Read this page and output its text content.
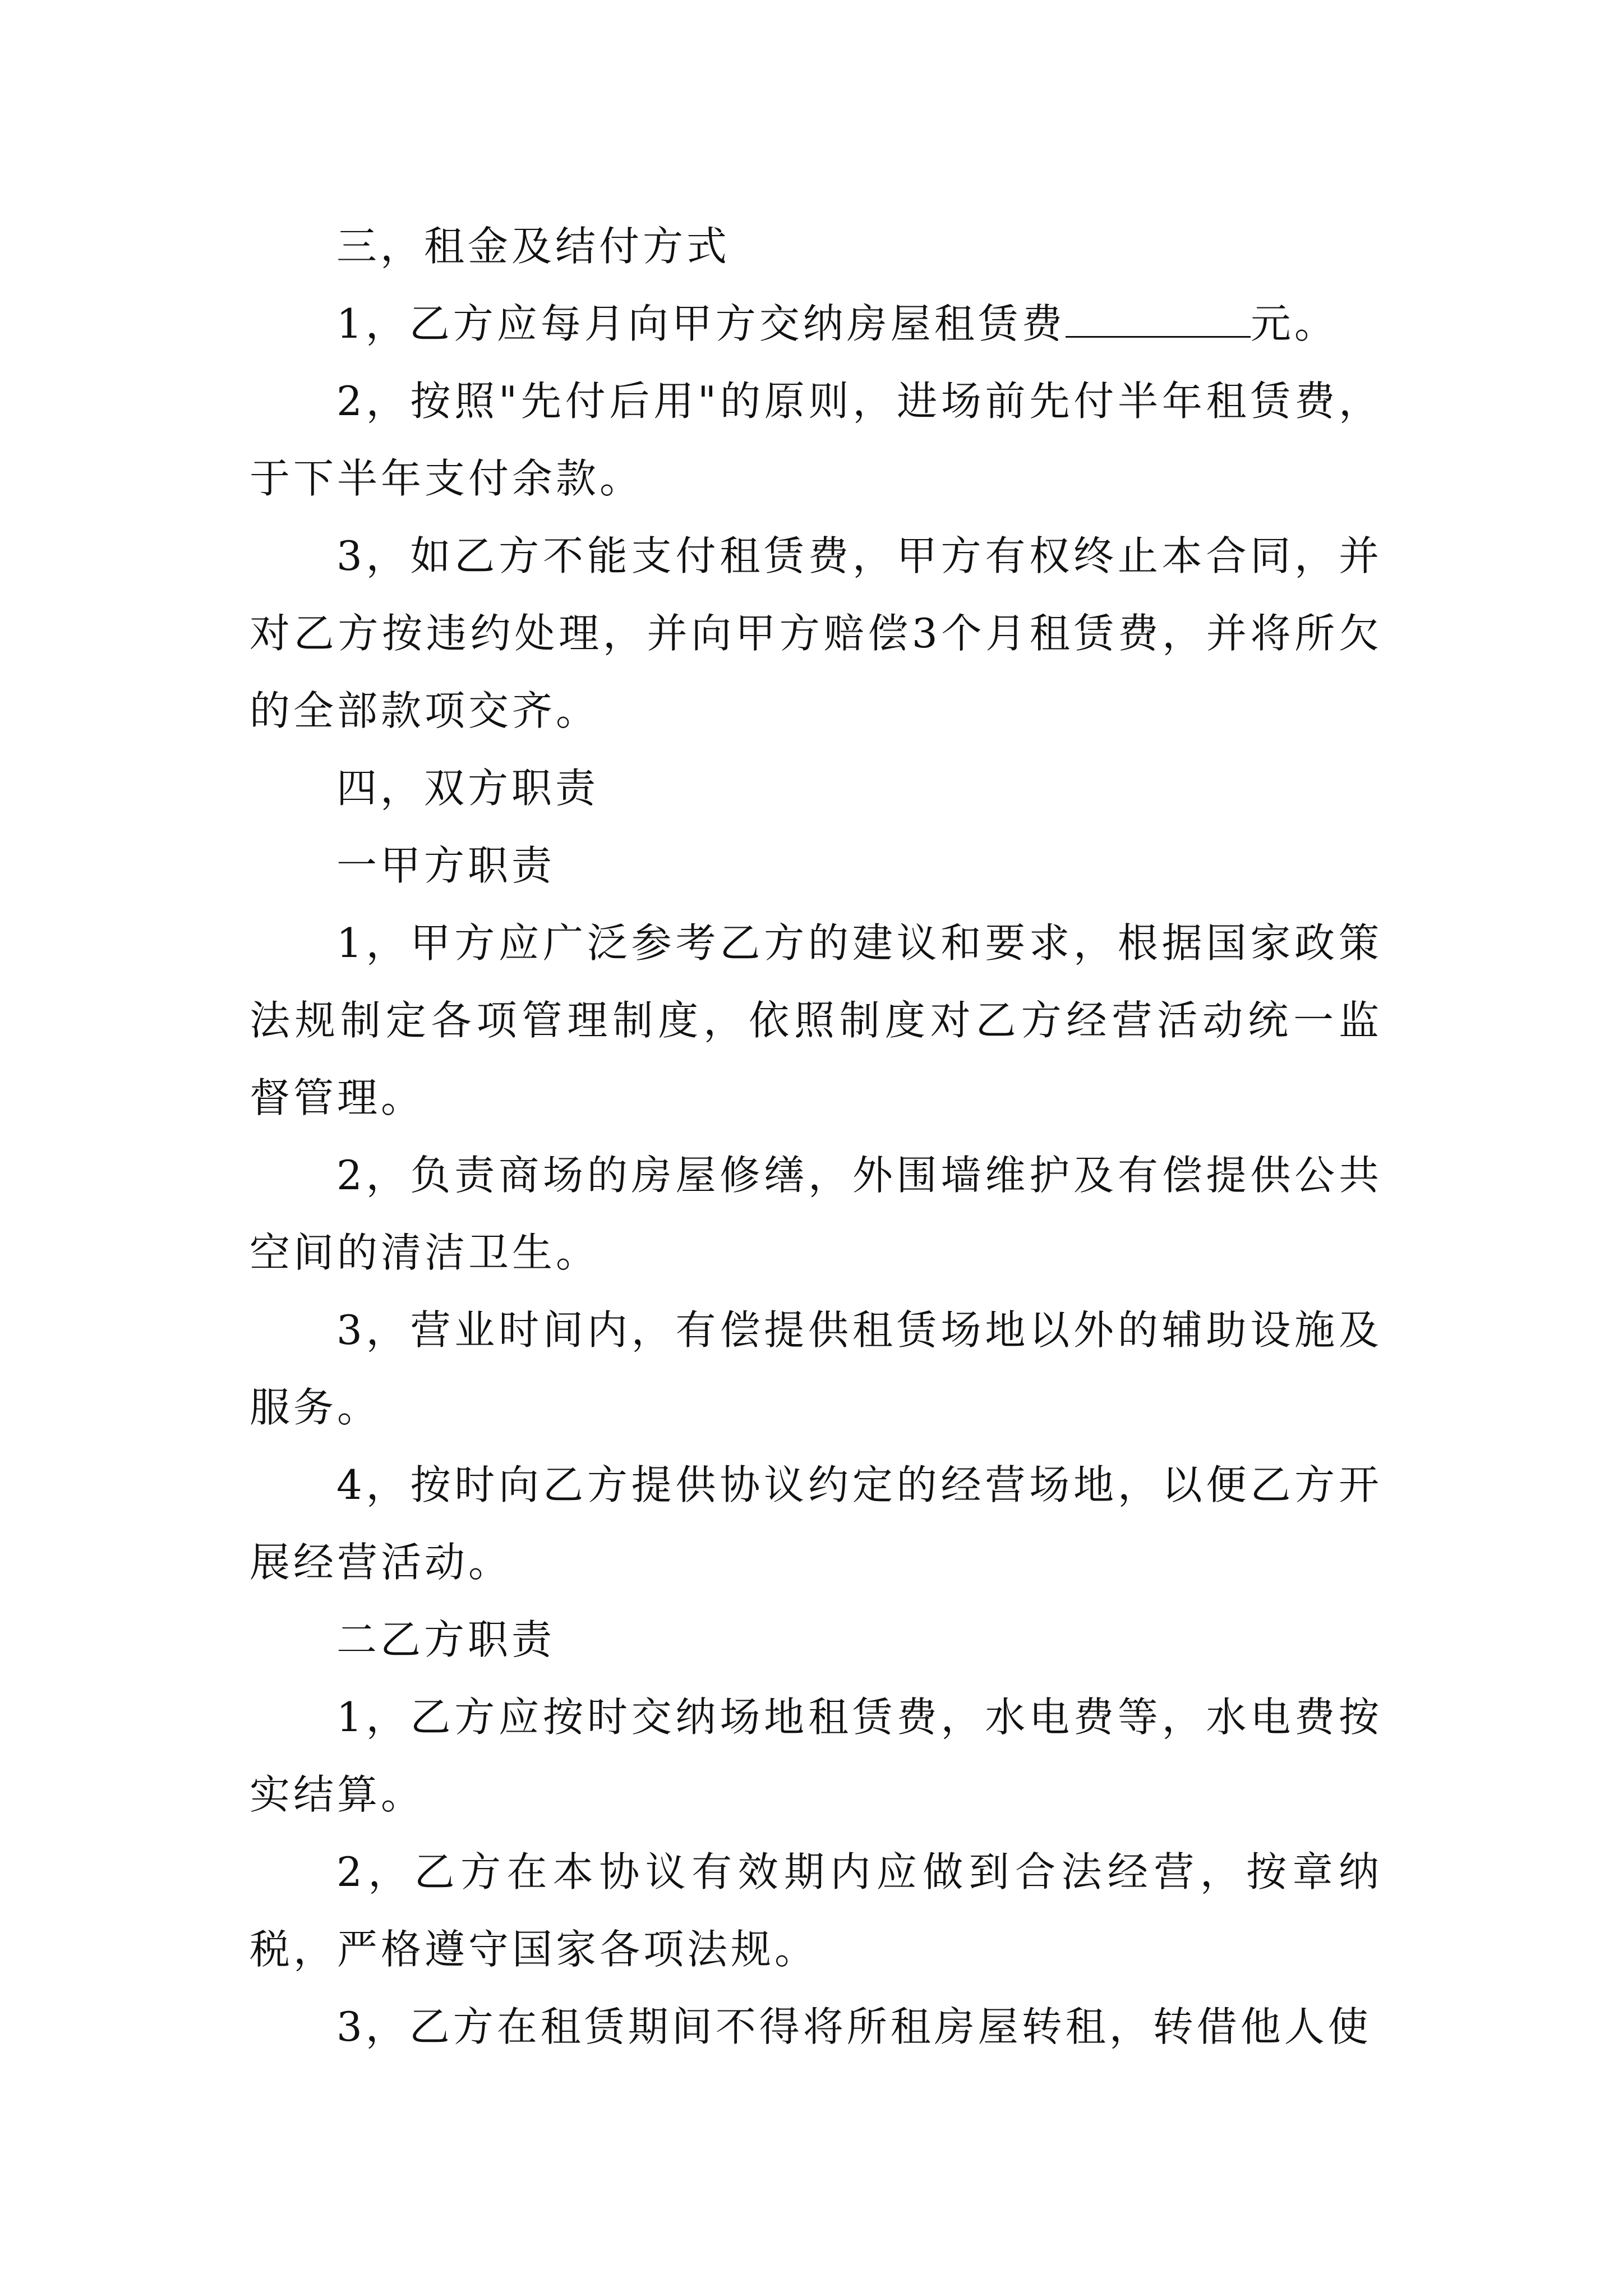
三，租金及结付方式

1，乙方应每月向甲方交纳房屋租赁费	元。

2，按照"先付后用"的原则，进场前先付半年租赁费，于下半年支付余款。

3，如乙方不能支付租赁费，甲方有权终止本合同，并对乙方按违约处理，并向甲方赔偿3个月租赁费，并将所欠的全部款项交齐。

四，双方职责

一甲方职责

1，甲方应广泛参考乙方的建议和要求，根据国家政策法规制定各项管理制度，依照制度对乙方经营活动统一监督管理。

2，负责商场的房屋修缮，外围墙维护及有偿提供公共空间的清洁卫生。

3，营业时间内，有偿提供租赁场地以外的辅助设施及服务。

4，按时向乙方提供协议约定的经营场地，以便乙方开展经营活动。

二乙方职责

1，乙方应按时交纳场地租赁费，水电费等，水电费按实结算。

2，乙方在本协议有效期内应做到合法经营，按章纳税，严格遵守国家各项法规。

3，乙方在租赁期间不得将所租房屋转租，转借他人使
